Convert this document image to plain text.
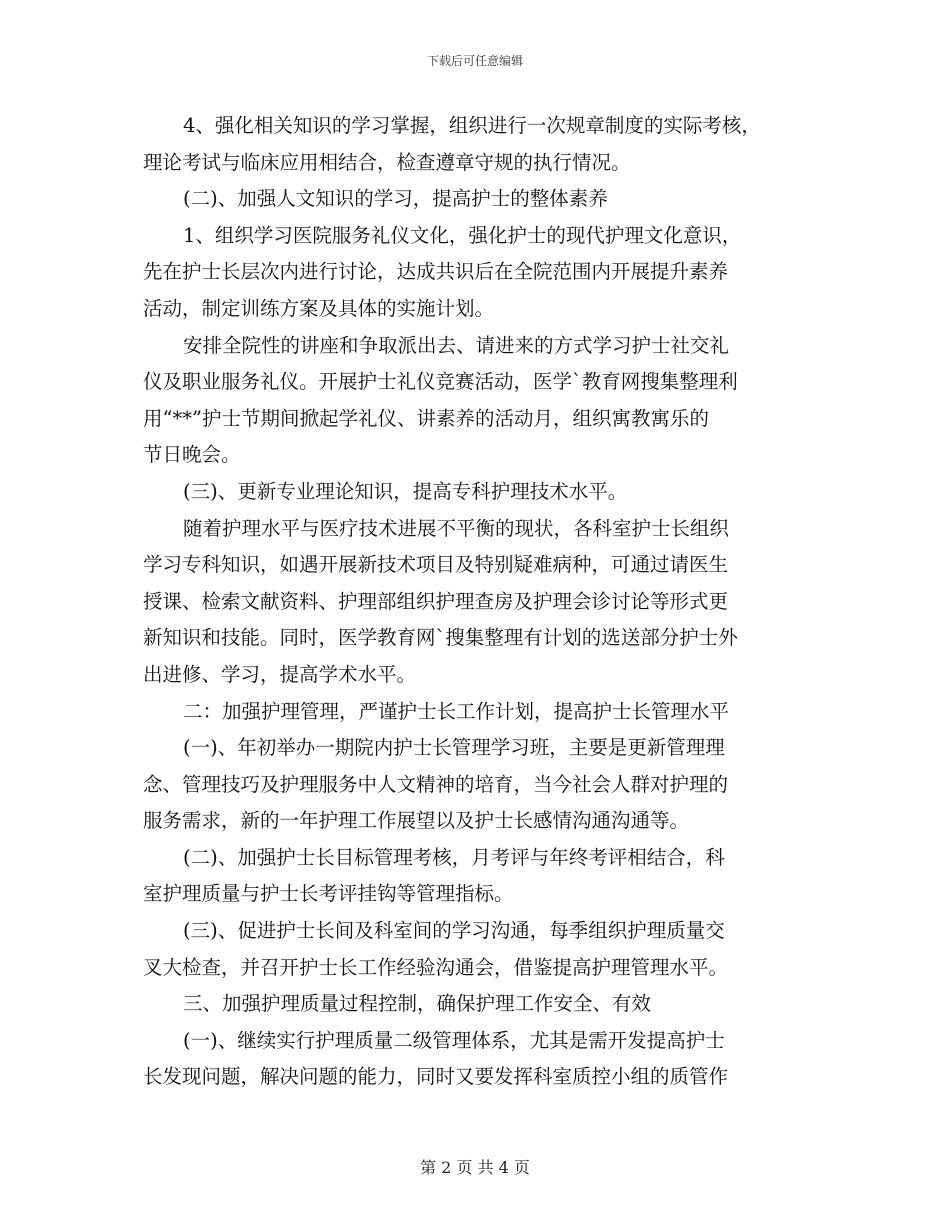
下载后可任意编辑
4、强化相关知识的学习掌握，组织进行一次规章制度的实际考核，
理论考试与临床应用相结合，检查遵章守规的执行情况。
(二)、加强人文知识的学习，提高护士的整体素养
1、组织学习医院服务礼仪文化，强化护士的现代护理文化意识，
先在护士长层次内进行讨论，达成共识后在全院范围内开展提升素养
活动，制定训练方案及具体的实施计划。
安排全院性的讲座和争取派出去、请进来的方式学习护士社交礼
仪及职业服务礼仪。开展护士礼仪竞赛活动，医学`教育网搜集整理利
用“**”护士节期间掀起学礼仪、讲素养的活动月，组织寓教寓乐的
节日晚会。
(三)、更新专业理论知识，提高专科护理技术水平。
随着护理水平与医疗技术进展不平衡的现状，各科室护士长组织
学习专科知识，如遇开展新技术项目及特别疑难病种，可通过请医生
授课、检索文献资料、护理部组织护理查房及护理会诊讨论等形式更
新知识和技能。同时，医学教育网`搜集整理有计划的选送部分护士外
出进修、学习，提高学术水平。
二：加强护理管理，严谨护士长工作计划，提高护士长管理水平
(一)、年初举办一期院内护士长管理学习班，主要是更新管理理
念、管理技巧及护理服务中人文精神的培育，当今社会人群对护理的
服务需求，新的一年护理工作展望以及护士长感情沟通沟通等。
(二)、加强护士长目标管理考核，月考评与年终考评相结合，科
室护理质量与护士长考评挂钩等管理指标。
(三)、促进护士长间及科室间的学习沟通，每季组织护理质量交
叉大检查，并召开护士长工作经验沟通会，借鉴提高护理管理水平。
三、加强护理质量过程控制，确保护理工作安全、有效
(一)、继续实行护理质量二级管理体系，尤其是需开发提高护士
长发现问题，解决问题的能力，同时又要发挥科室质控小组的质管作
第 2 页 共 4 页
